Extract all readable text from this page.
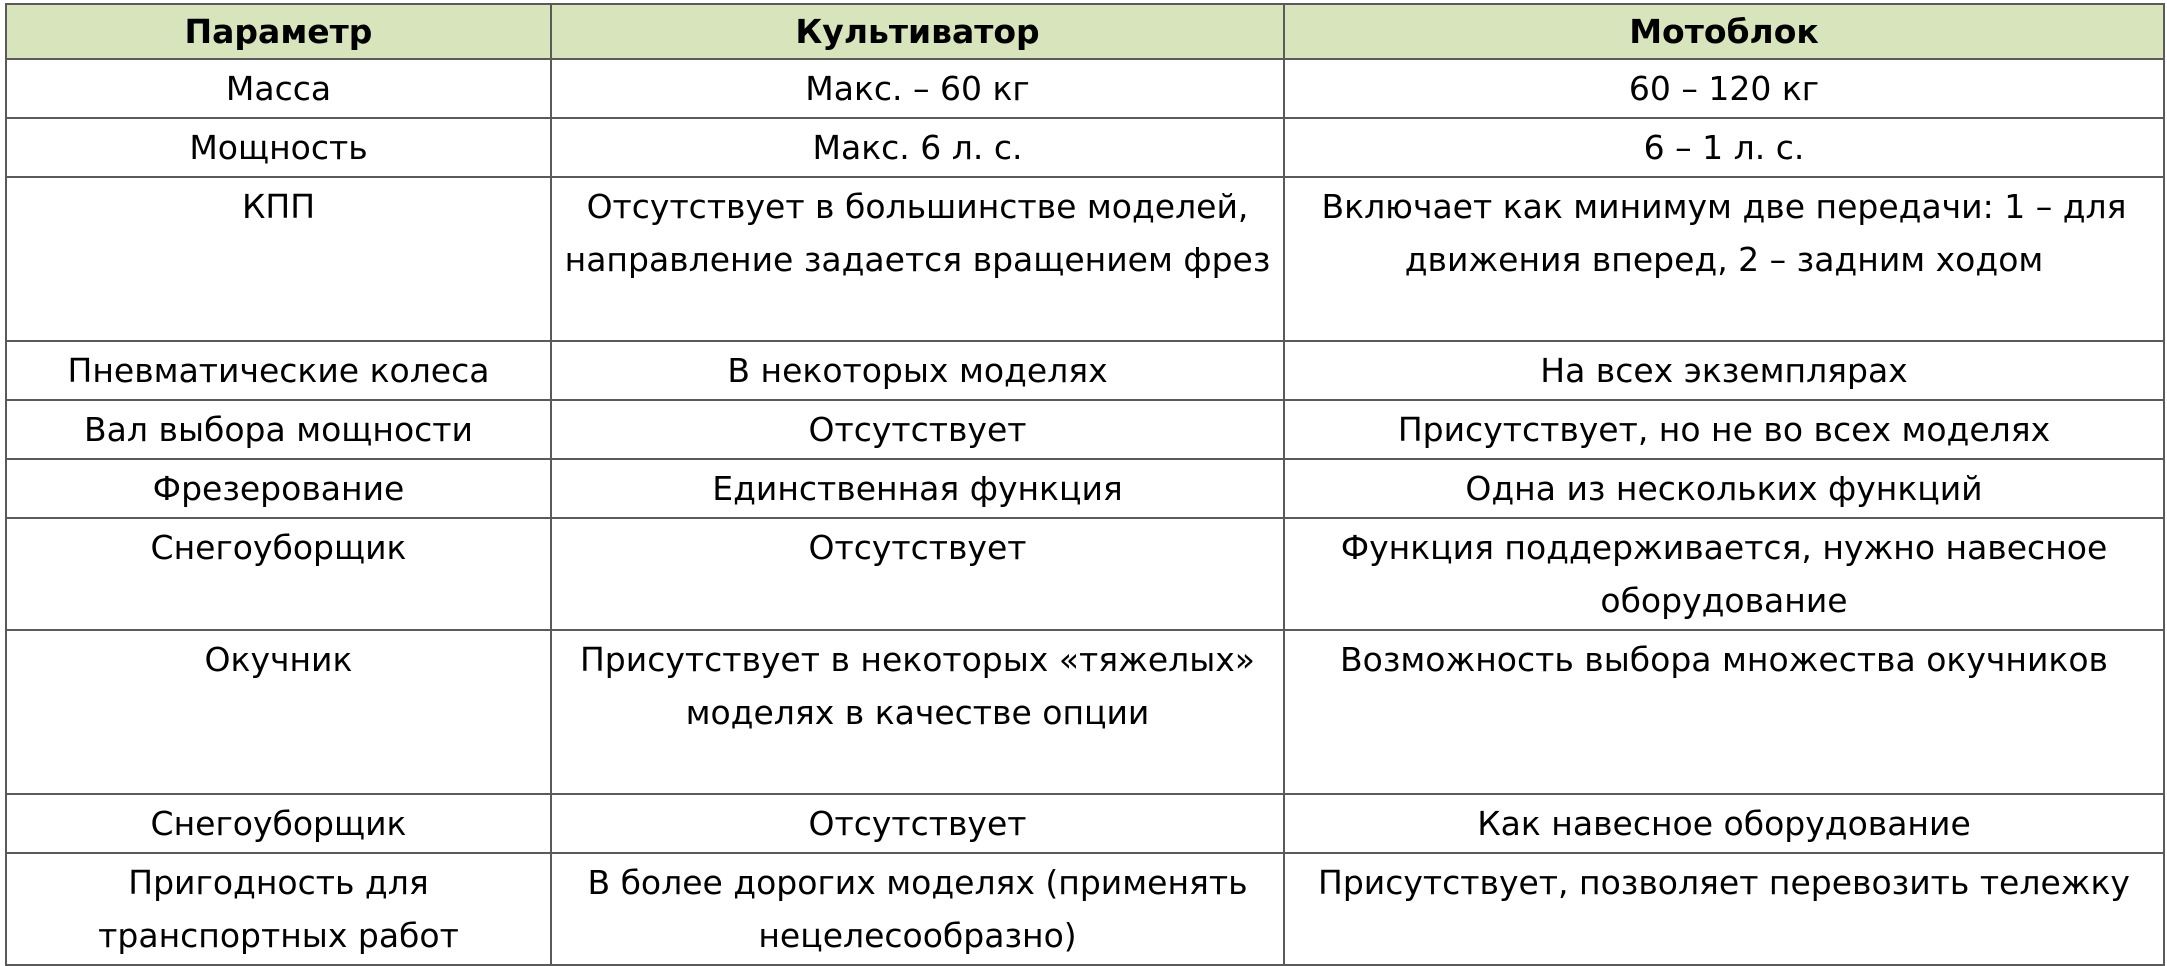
Параметр	Культиватор	Мотоблок
Масса	Макс. – 60 кг	60 – 120 кг
Мощность	Макс. 6 л. с.	6 – 1 л. с.
КПП	Отсутствует в большинстве моделей, направление задается вращением фрез	Включает как минимум две передачи: 1 – для движения вперед, 2 – задним ходом
Пневматические колеса	В некоторых моделях	На всех экземплярах
Вал выбора мощности	Отсутствует	Присутствует, но не во всех моделях
Фрезерование	Единственная функция	Одна из нескольких функций
Снегоуборщик	Отсутствует	Функция поддерживается, нужно навесное оборудование
Окучник	Присутствует в некоторых «тяжелых» моделях в качестве опции	Возможность выбора множества окучников
Снегоуборщик	Отсутствует	Как навесное оборудование
Пригодность для транспортных работ	В более дорогих моделях (применять нецелесообразно)	Присутствует, позволяет перевозить тележку
